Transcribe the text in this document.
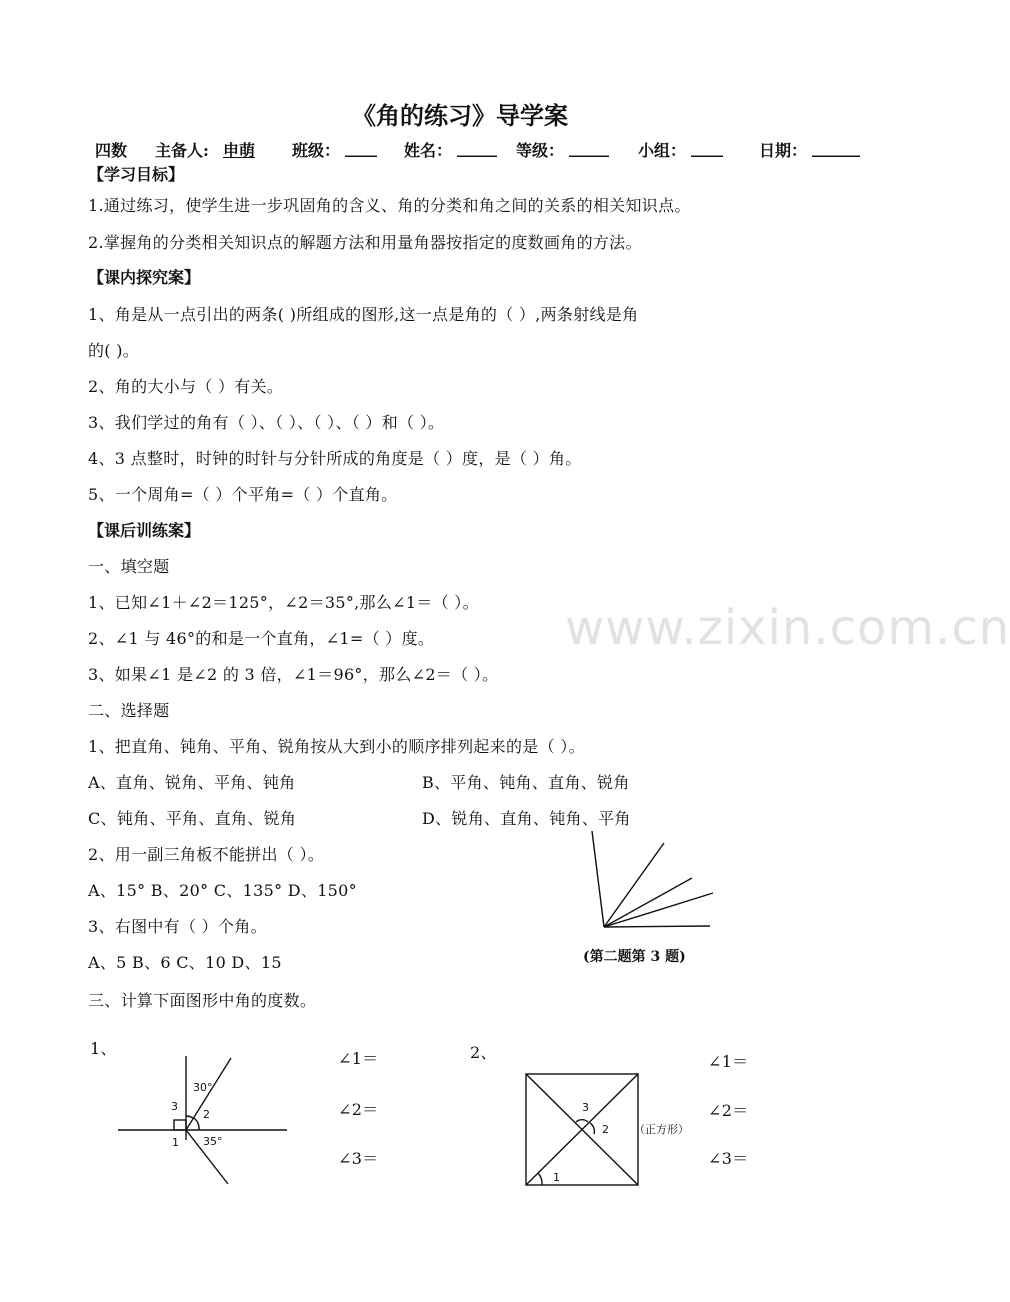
www.zixin.com.cn
《角的练习》导学案
四数 主备人: 申萌 班级： ____ 姓名： _____ 等级： _____ 小组： ____ 日期： ______
【学习目标】
1.通过练习，使学生进一步巩固角的含义、角的分类和角之间的关系的相关知识点。
2.掌握角的分类相关知识点的解题方法和用量角器按指定的度数画角的方法。
【课内探究案】
1、角是从一点引出的两条( )所组成的图形,这一点是角的（ ）,两条射线是角
的( )。
2、角的大小与（ ）有关。
3、我们学过的角有（ ）、（ ）、（ ）、（ ）和（ ）。
4、3 点整时，时钟的时针与分针所成的角度是（ ）度，是（ ）角。
5、一个周角=（ ）个平角=（ ）个直角。
【课后训练案】
一、填空题
1、已知∠1＋∠2＝125°，∠2＝35°,那么∠1＝（ ）。
2、∠1 与 46°的和是一个直角，∠1=（ ）度。
3、如果∠1 是∠2 的 3 倍，∠1＝96°，那么∠2＝（ ）。
二、选择题
1、把直角、钝角、平角、锐角按从大到小的顺序排列起来的是（ ）。
A、直角、锐角、平角、钝角	B、平角、钝角、直角、锐角
C、钝角、平角、直角、锐角	D、锐角、直角、钝角、平角
2、用一副三角板不能拼出（ ）。
A、15° B、20° C、135° D、150°
3、右图中有（ ）个角。
A、5 B、6 C、10 D、15	(第二题第 3 题)
三、计算下面图形中角的度数。
1、
30°
35°
3
2
1
∠1＝
∠2＝
∠3＝
2、
1
2
3
（正方形）
∠1＝
∠2＝
∠3＝
